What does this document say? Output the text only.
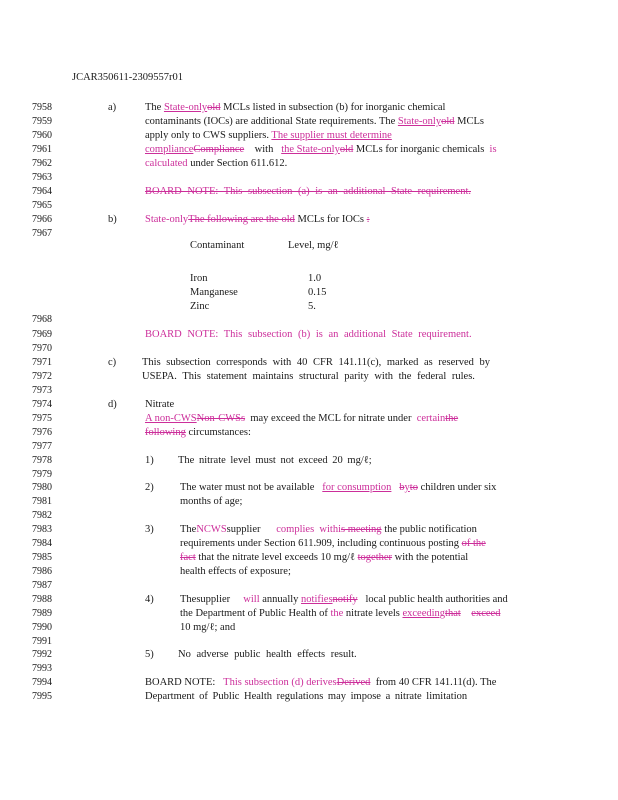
JCAR350611-2309557r01
7958
7959
7960
7961
7962
7963
7964
7965
7966
7967
7968
7969
7970
7971
7972
7973
7974
7975
7976
7977
7978
7979
7980
7981
7982
7983
7984
7985
7986
7987
7988
7989
7990
7991
7992
7993
7994
7995
a)	The State-onlyold MCLs listed in subsection (b) for inorganic chemical
contaminants (IOCs) are additional State requirements. The State-onlyold MCLs
apply only to CWS suppliers. The supplier must determine
complianceCompliance with the State-onlyold MCLs for inorganic chemicals is
calculated under Section 611.612.
BOARD NOTE: This subsection (a) is an additional State requirement.
b)	State-onlyThe following are the old MCLs for IOCs :
Contaminant	Level, mg/ℓ
Iron	1.0
Manganese	0.15
Zinc	5.
BOARD NOTE: This subsection (b) is an additional State requirement.
c) This subsection corresponds with 40 CFR 141.11(c), marked as reserved by
USEPA. This statement maintains structural parity with the federal rules.
d)	Nitrate
A non-CWSNon-CWSs may exceed the MCL for nitrate under certainthe
following circumstances:
1) The nitrate level must not exceed 20 mg/ℓ;
2)	The water must not be available for consumption byto children under six
months of age;
3)	TheNCWSsupplier complies withis meeting the public notification
requirements under Section 611.909, including continuous posting of the
fact that the nitrate level exceeds 10 mg/ℓ together with the potential
health effects of exposure;
4)	Thesupplier will annually notifiesnotify local public health authorities and
the Department of Public Health of the nitrate levels exceedingthat exceed
10 mg/ℓ; and
5) No adverse public health effects result.
BOARD NOTE: This subsection (d) derivesDerived from 40 CFR 141.11(d). The
Department of Public Health regulations may impose a nitrate limitation
